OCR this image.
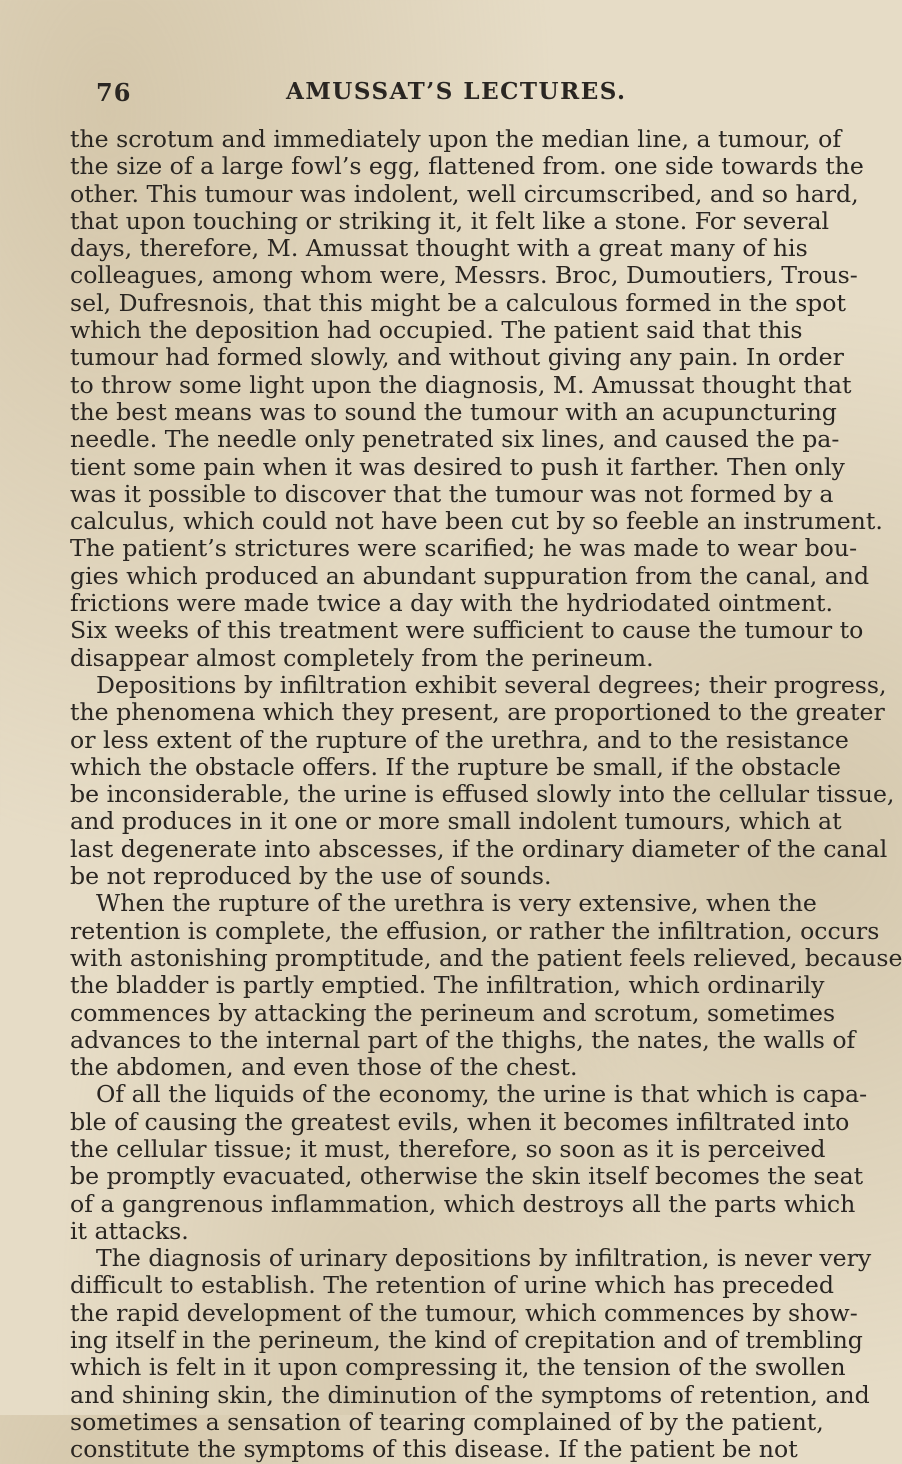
76	AMUSSAT’S LECTURES.
the scrotum and immediately upon the median line, a tumour, of
the size of a large fowl’s egg, flattened from. one side towards the
other. This tumour was indolent, well circumscribed, and so hard,
that upon touching or striking it, it felt like a stone. For several
days, therefore, M. Amussat thought with a great many of his
colleagues, among whom were, Messrs. Broc, Dumoutiers, Trous-
sel, Dufresnois, that this might be a calculous formed in the spot
which the deposition had occupied. The patient said that this
tumour had formed slowly, and without giving any pain. In order
to throw some light upon the diagnosis, M. Amussat thought that
the best means was to sound the tumour with an acupuncturing
needle. The needle only penetrated six lines, and caused the pa-
tient some pain when it was desired to push it farther. Then only
was it possible to discover that the tumour was not formed by a
calculus, which could not have been cut by so feeble an instrument.
The patient’s strictures were scarified; he was made to wear bou-
gies which produced an abundant suppuration from the canal, and
frictions were made twice a day with the hydriodated ointment.
Six weeks of this treatment were sufficient to cause the tumour to
disappear almost completely from the perineum.
Depositions by infiltration exhibit several degrees; their progress,
the phenomena which they present, are proportioned to the greater
or less extent of the rupture of the urethra, and to the resistance
which the obstacle offers. If the rupture be small, if the obstacle
be inconsiderable, the urine is effused slowly into the cellular tissue,
and produces in it one or more small indolent tumours, which at
last degenerate into abscesses, if the ordinary diameter of the canal
be not reproduced by the use of sounds.
When the rupture of the urethra is very extensive, when the
retention is complete, the effusion, or rather the infiltration, occurs
with astonishing promptitude, and the patient feels relieved, because
the bladder is partly emptied. The infiltration, which ordinarily
commences by attacking the perineum and scrotum, sometimes
advances to the internal part of the thighs, the nates, the walls of
the abdomen, and even those of the chest.
Of all the liquids of the economy, the urine is that which is capa-
ble of causing the greatest evils, when it becomes infiltrated into
the cellular tissue; it must, therefore, so soon as it is perceived
be promptly evacuated, otherwise the skin itself becomes the seat
of a gangrenous inflammation, which destroys all the parts which
it attacks.
The diagnosis of urinary depositions by infiltration, is never very
difficult to establish. The retention of urine which has preceded
the rapid development of the tumour, which commences by show-
ing itself in the perineum, the kind of crepitation and of trembling
which is felt in it upon compressing it, the tension of the swollen
and shining skin, the diminution of the symptoms of retention, and
sometimes a sensation of tearing complained of by the patient,
constitute the symptoms of this disease. If the patient be not
